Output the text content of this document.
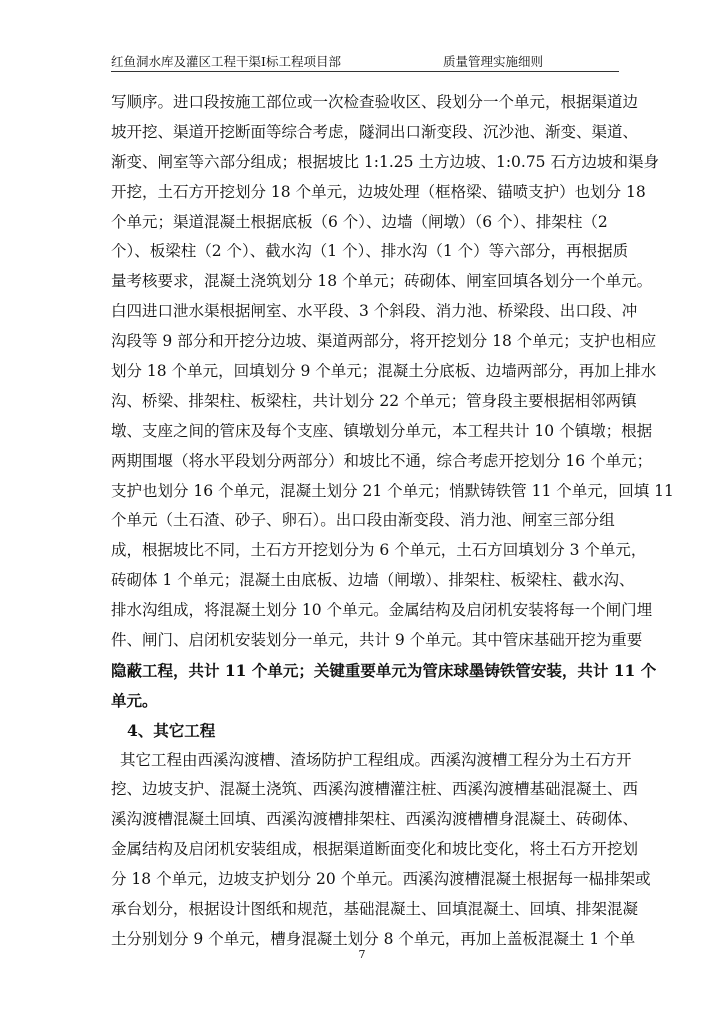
红鱼洞水库及灌区工程干渠Ⅰ标工程项目部	质量管理实施细则
写顺序。进口段按施工部位或一次检查验收区、段划分一个单元，根据渠道边
坡开挖、渠道开挖断面等综合考虑，隧洞出口渐变段、沉沙池、渐变、渠道、
渐变、闸室等六部分组成；根据坡比 1:1.25 土方边坡、1:0.75 石方边坡和渠身
开挖，土石方开挖划分 18 个单元，边坡处理（框格梁、锚喷支护）也划分 18
个单元；渠道混凝土根据底板（6 个）、边墙（闸墩）（6 个）、排架柱（2
个）、板梁柱（2 个）、截水沟（1 个）、排水沟（1 个）等六部分，再根据质
量考核要求，混凝土浇筑划分 18 个单元；砖砌体、闸室回填各划分一个单元。
白四进口泄水渠根据闸室、水平段、3 个斜段、消力池、桥梁段、出口段、冲
沟段等 9 部分和开挖分边坡、渠道两部分，将开挖划分 18 个单元；支护也相应
划分 18 个单元，回填划分 9 个单元；混凝土分底板、边墙两部分，再加上排水
沟、桥梁、排架柱、板梁柱，共计划分 22 个单元；管身段主要根据相邻两镇
墩、支座之间的管床及每个支座、镇墩划分单元，本工程共计 10 个镇墩；根据
两期围堰（将水平段划分两部分）和坡比不通，综合考虑开挖划分 16 个单元；
支护也划分 16 个单元，混凝土划分 21 个单元；悄默铸铁管 11 个单元，回填 11
个单元（土石渣、砂子、卵石）。出口段由渐变段、消力池、闸室三部分组
成，根据坡比不同，土石方开挖划分为 6 个单元，土石方回填划分 3 个单元，
砖砌体 1 个单元；混凝土由底板、边墙（闸墩）、排架柱、板梁柱、截水沟、
排水沟组成，将混凝土划分 10 个单元。金属结构及启闭机安装将每一个闸门埋
件、闸门、启闭机安装划分一单元，共计 9 个单元。其中管床基础开挖为重要
隐蔽工程，共计 11 个单元；关键重要单元为管床球墨铸铁管安装，共计 11 个
单元。
4、其它工程
其它工程由西溪沟渡槽、渣场防护工程组成。西溪沟渡槽工程分为土石方开
挖、边坡支护、混凝土浇筑、西溪沟渡槽灌注桩、西溪沟渡槽基础混凝土、西
溪沟渡槽混凝土回填、西溪沟渡槽排架柱、西溪沟渡槽槽身混凝土、砖砌体、
金属结构及启闭机安装组成，根据渠道断面变化和坡比变化，将土石方开挖划
分 18 个单元，边坡支护划分 20 个单元。西溪沟渡槽混凝土根据每一榀排架或
承台划分，根据设计图纸和规范，基础混凝土、回填混凝土、回填、排架混凝
土分别划分 9 个单元，槽身混凝土划分 8 个单元，再加上盖板混凝土 1 个单
7
